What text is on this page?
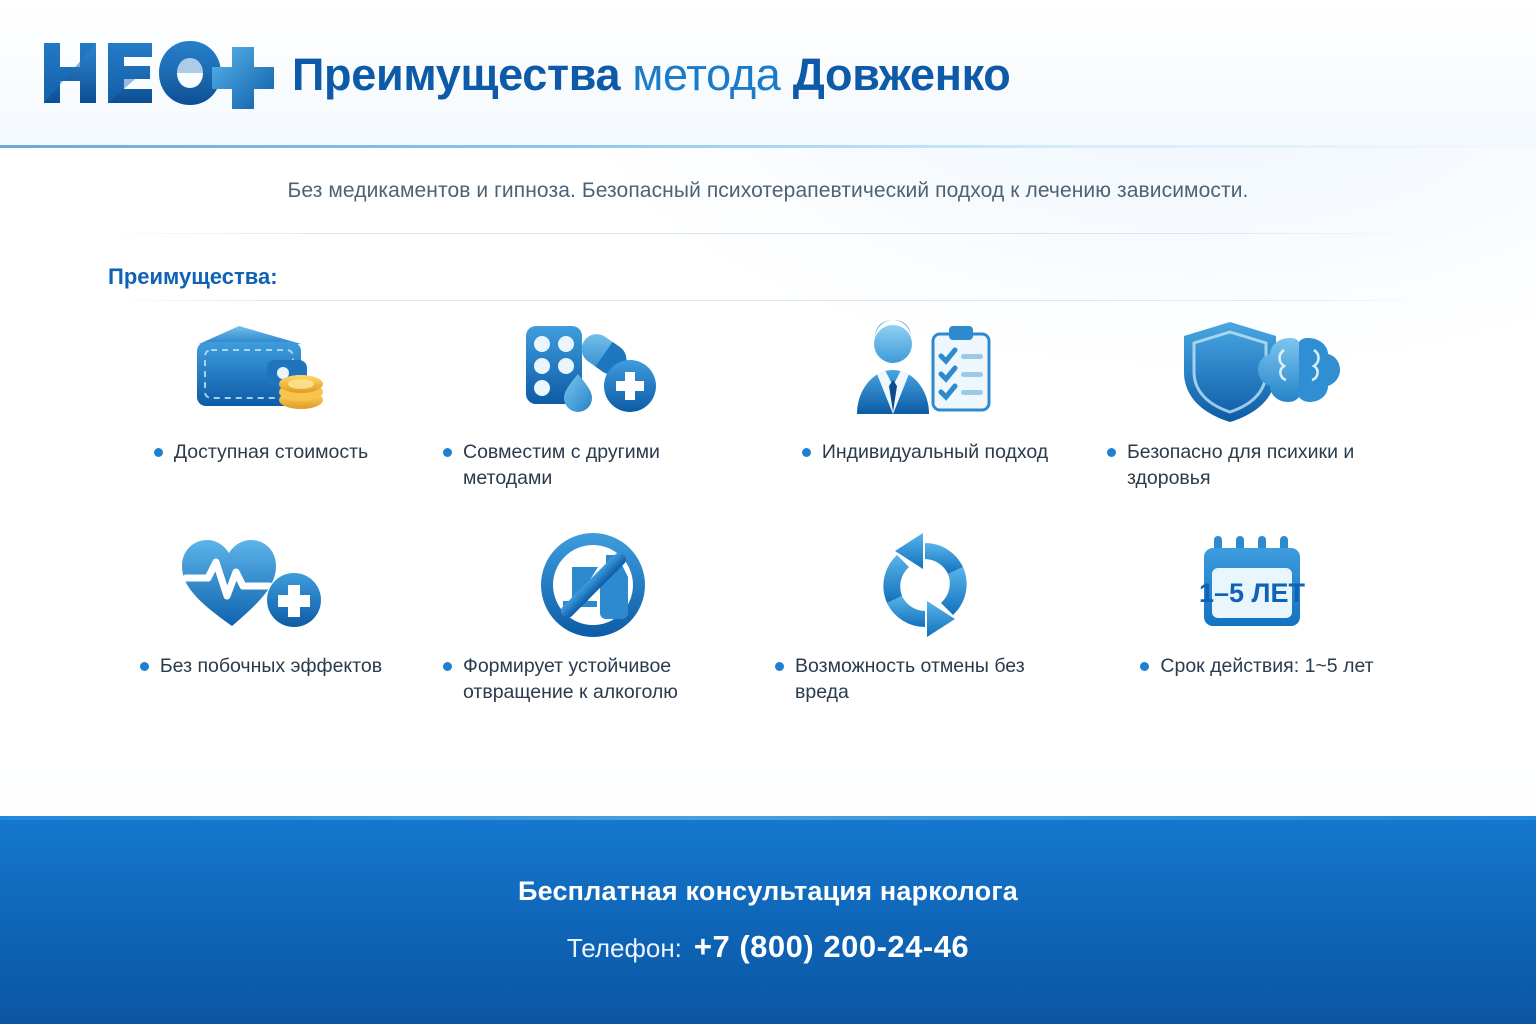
Преимущества метода Довженко
Без медикаментов и гипноза. Безопасный психотерапевтический подход к лечению зависимости.
Преимущества:
Доступная стоимость	Совместим с другими методами
Индивидуальный подход	Безопасно для психики и здоровья
Без побочных эффектов	Формирует устойчивое отвращение к алкоголю
Возможность отмены без вреда
1–5 ЛЕТ
Срок действия: 1~5 лет
Бесплатная консультация нарколога
Телефон: +7 (800) 200-24-46
